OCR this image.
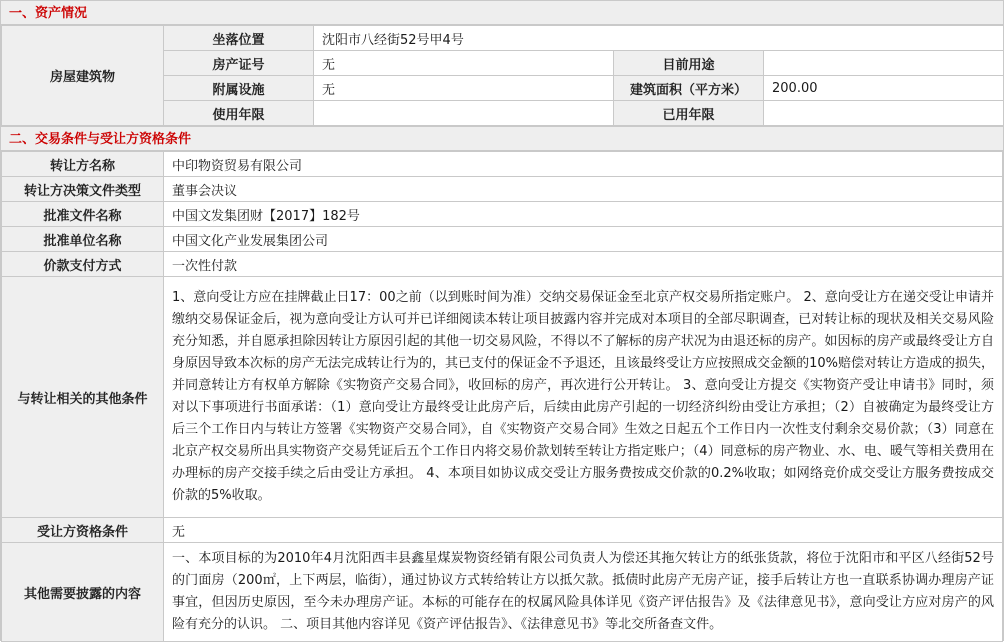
一、资产情况
房屋建筑物	坐落位置	沈阳市八经街52号甲4号		
	房产证号	无	目前用途	
	附属设施	无	建筑面积（平方米）	200.00
	使用年限		已用年限	
二、交易条件与受让方资格条件
转让方名称	中印物资贸易有限公司
转让方决策文件类型	董事会决议
批准文件名称	中国文发集团财【2017】182号
批准单位名称	中国文化产业发展集团公司
价款支付方式	一次性付款
与转让相关的其他条件	1、意向受让方应在挂牌截止日17：00之前（以到账时间为准）交纳交易保证金至北京产权交易所指定账户。 2、意向受让方在递交受让申请并缴纳交易保证金后，视为意向受让方认可并已详细阅读本转让项目披露内容并完成对本项目的全部尽职调查，已对转让标的现状及相关交易风险充分知悉，并自愿承担除因转让方原因引起的其他一切交易风险，不得以不了解标的房产状况为由退还标的房产。如因标的房产或最终受让方自身原因导致本次标的房产无法完成转让行为的，其已支付的保证金不予退还，且该最终受让方应按照成交金额的10%赔偿对转让方造成的损失，并同意转让方有权单方解除《实物资产交易合同》，收回标的房产，再次进行公开转让。 3、意向受让方提交《实物资产受让申请书》同时，须对以下事项进行书面承诺：（1）意向受让方最终受让此房产后，后续由此房产引起的一切经济纠纷由受让方承担；（2）自被确定为最终受让方后三个工作日内与转让方签署《实物资产交易合同》，自《实物资产交易合同》生效之日起五个工作日内一次性支付剩余交易价款；（3）同意在北京产权交易所出具实物资产交易凭证后五个工作日内将交易价款划转至转让方指定账户；（4）同意标的房产物业、水、电、暖气等相关费用在办理标的房产交接手续之后由受让方承担。 4、本项目如协议成交受让方服务费按成交价款的0.2%收取；如网络竞价成交受让方服务费按成交价款的5%收取。
受让方资格条件	无
其他需要披露的内容	一、本项目标的为2010年4月沈阳西丰县鑫星煤炭物资经销有限公司负责人为偿还其拖欠转让方的纸张货款，将位于沈阳市和平区八经街52号的门面房（200㎡，上下两层，临街），通过协议方式转给转让方以抵欠款。抵债时此房产无房产证，接手后转让方也一直联系协调办理房产证事宜，但因历史原因，至今未办理房产证。本标的可能存在的权属风险具体详见《资产评估报告》及《法律意见书》，意向受让方应对房产的风险有充分的认识。 二、项目其他内容详见《资产评估报告》、《法律意见书》等北交所备查文件。
